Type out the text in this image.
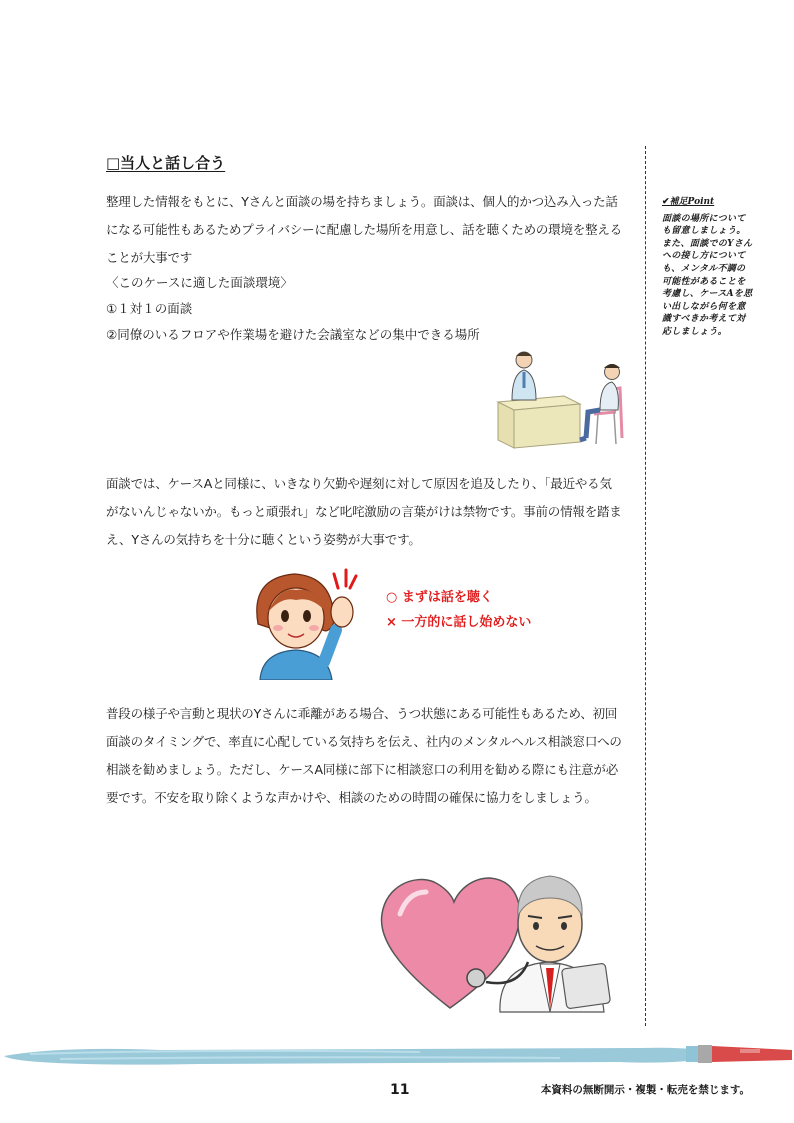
□当人と話し合う

整理した情報をもとに、Yさんと面談の場を持ちましょう。面談は、個人的かつ込み入った話になる可能性もあるためプライバシーに配慮した場所を用意し、話を聴くための環境を整えることが大事です

〈このケースに適した面談環境〉
①１対１の面談
②同僚のいるフロアや作業場を避けた会議室などの集中できる場所

面談では、ケースAと同様に、いきなり欠勤や遅刻に対して原因を追及したり、「最近やる気がないんじゃないか。もっと頑張れ」など叱咤激励の言葉がけは禁物です。事前の情報を踏まえ、Yさんの気持ちを十分に聴くという姿勢が大事です。

○ まずは話を聴く
× 一方的に話し始めない

普段の様子や言動と現状のYさんに乖離がある場合、うつ状態にある可能性もあるため、初回面談のタイミングで、率直に心配している気持ちを伝え、社内のメンタルヘルス相談窓口への相談を勧めましょう。ただし、ケースA同様に部下に相談窓口の利用を勧める際にも注意が必要です。不安を取り除くような声かけや、相談のための時間の確保に協力をしましょう。

✔補足Point
面談の場所についても留意しましょう。また、面談でのYさんへの接し方についても、メンタル不調の可能性があることを考慮し、ケースAを思い出しながら何を意識すべきか考えて対応しましょう。
11	本資料の無断開示・複製・転売を禁じます。
